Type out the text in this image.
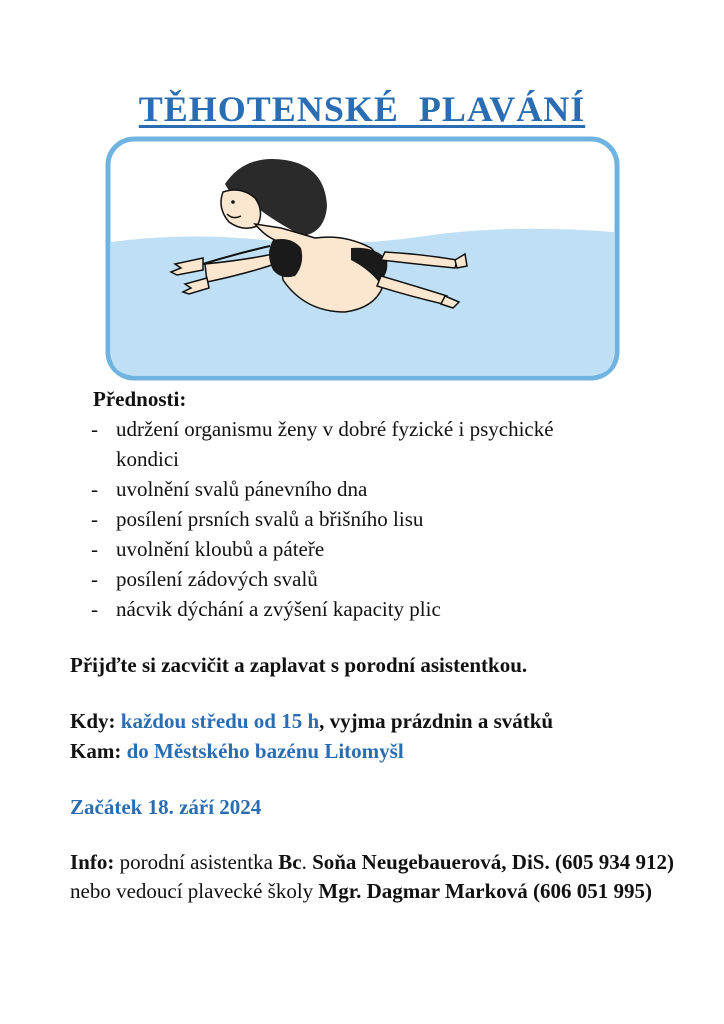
TĚHOTENSKÉ PLAVÁNÍ

Přednosti:

- udržení organismu ženy v dobré fyzické i psychické
kondici
- uvolnění svalů pánevního dna
- posílení prsních svalů a břišního lisu
- uvolnění kloubů a páteře
- posílení zádových svalů
- nácvik dýchání a zvýšení kapacity plic

Přijďte si zacvičit a zaplavat s porodní asistentkou.

Kdy: každou středu od 15 h, vyjma prázdnin a svátků

Kam: do Městského bazénu Litomyšl

Začátek 18. září 2024

Info: porodní asistentka Bc. Soňa Neugebauerová, DiS. (605 934 912) nebo vedoucí plavecké školy Mgr. Dagmar Marková (606 051 995)
